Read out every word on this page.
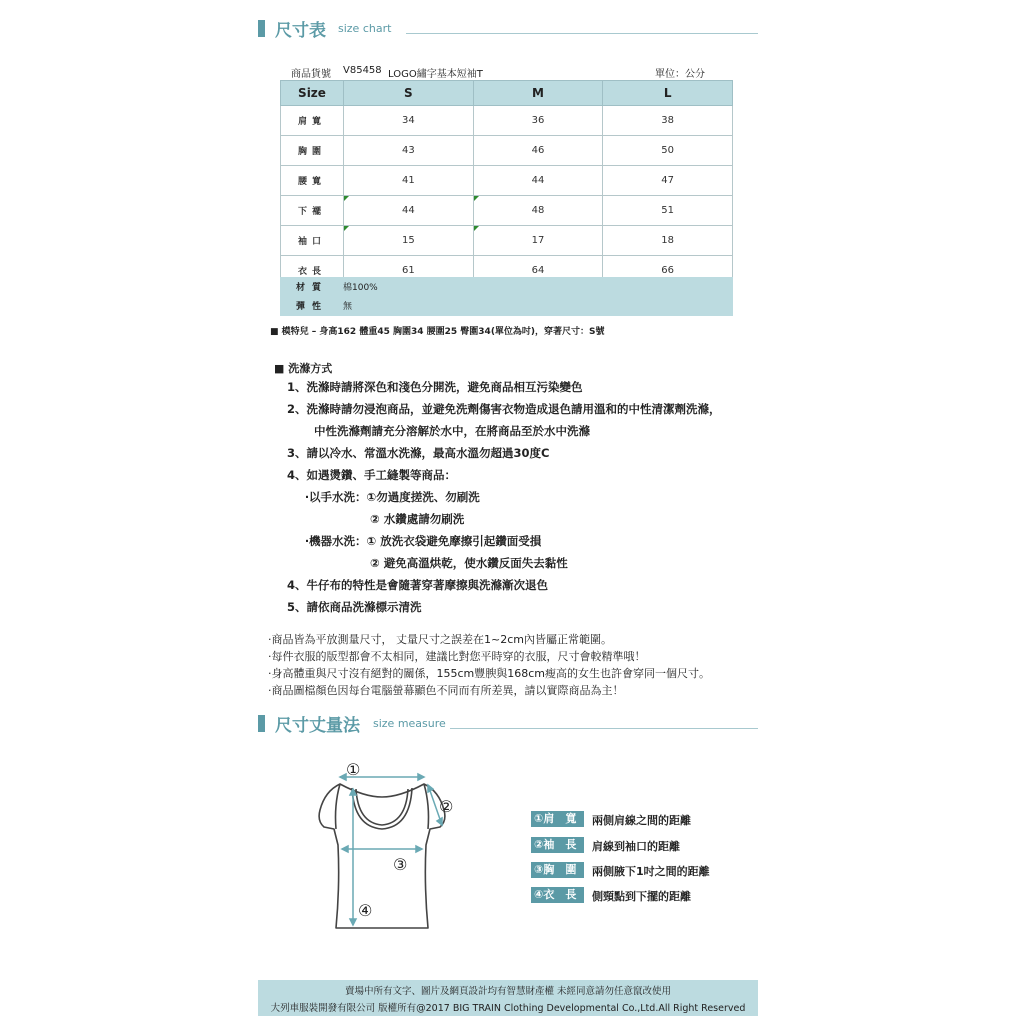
尺寸表 size chart
商品貨號 V85458 LOGO繡字基本短袖T	單位：公分
Size	S	M	L
肩寬	34	36	38
胸圍	43	46	50
腰寬	41	44	47
下襬	44	48	51
袖口	15	17	18
衣長	61	64	66
材質 棉100%
彈性 無
■ 模特兒 – 身高162 體重45 胸圍34 腰圍25 臀圍34(單位為吋)，穿著尺寸：S號
■ 洗滌方式
1、洗滌時請將深色和淺色分開洗，避免商品相互污染變色
2、洗滌時請勿浸泡商品，並避免洗劑傷害衣物造成退色請用溫和的中性清潔劑洗滌，
中性洗滌劑請充分溶解於水中，在將商品至於水中洗滌
3、請以冷水、常溫水洗滌，最高水溫勿超過30度C
4、如遇燙鑽、手工縫製等商品：
‧以手水洗：①勿過度搓洗、勿刷洗
② 水鑽處請勿刷洗
‧機器水洗：① 放洗衣袋避免摩擦引起鑽面受損
② 避免高溫烘乾，使水鑽反面失去黏性
4、牛仔布的特性是會隨著穿著摩擦與洗滌漸次退色
5、請依商品洗滌標示清洗
‧商品皆為平放測量尺寸， 丈量尺寸之誤差在1~2cm內皆屬正常範圍。
‧每件衣服的版型都會不太相同，建議比對您平時穿的衣服，尺寸會較精準哦！
‧身高體重與尺寸沒有絕對的關係，155cm豐腴與168cm瘦高的女生也許會穿同一個尺寸。
‧商品圖檔顏色因每台電腦螢幕顯色不同而有所差異，請以實際商品為主！
尺寸丈量法 size measure
①
②
③
④
①肩　寬	兩側肩線之間的距離
②袖　長	肩線到袖口的距離
③胸　圍	兩側腋下1吋之間的距離
④衣　長	側頸點到下擺的距離
賣場中所有文字、圖片及網頁設計均有智慧財產權 未經同意請勿任意竄改使用
大列車服裝開發有限公司 版權所有@2017 BIG TRAIN Clothing Developmental Co.,Ltd.All Right Reserved
